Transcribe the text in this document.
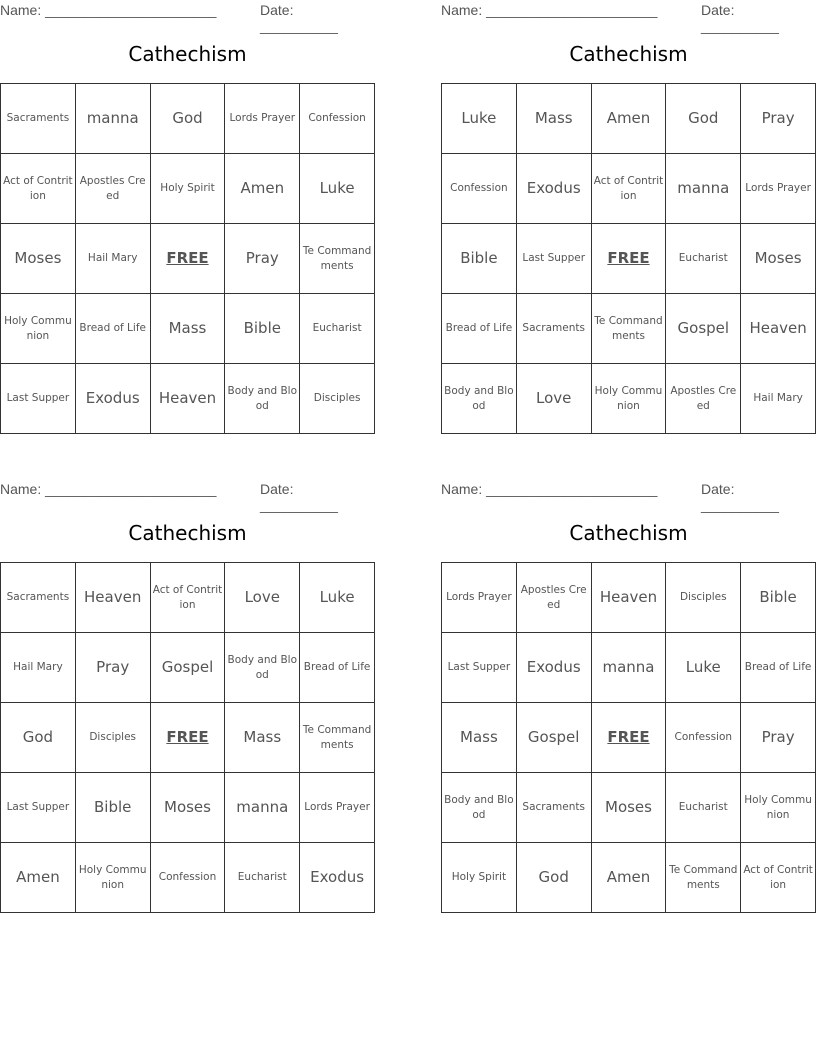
Name: ______________________	Date: __________
Cathechism
Sacraments	manna	God	Lords Prayer	Confession
Act of Contrition	Apostles Creed	Holy Spirit	Amen	Luke
Moses	Hail Mary	FREE	Pray	Te Commandments
Holy Communion	Bread of Life	Mass	Bible	Eucharist
Last Supper	Exodus	Heaven	Body and Blood	Disciples
Name: ______________________	Date: __________
Cathechism
Luke	Mass	Amen	God	Pray
Confession	Exodus	Act of Contrition	manna	Lords Prayer
Bible	Last Supper	FREE	Eucharist	Moses
Bread of Life	Sacraments	Te Commandments	Gospel	Heaven
Body and Blood	Love	Holy Communion	Apostles Creed	Hail Mary
Name: ______________________	Date: __________
Cathechism
Sacraments	Heaven	Act of Contrition	Love	Luke
Hail Mary	Pray	Gospel	Body and Blood	Bread of Life
God	Disciples	FREE	Mass	Te Commandments
Last Supper	Bible	Moses	manna	Lords Prayer
Amen	Holy Communion	Confession	Eucharist	Exodus
Name: ______________________	Date: __________
Cathechism
Lords Prayer	Apostles Creed	Heaven	Disciples	Bible
Last Supper	Exodus	manna	Luke	Bread of Life
Mass	Gospel	FREE	Confession	Pray
Body and Blood	Sacraments	Moses	Eucharist	Holy Communion
Holy Spirit	God	Amen	Te Commandments	Act of Contrition
